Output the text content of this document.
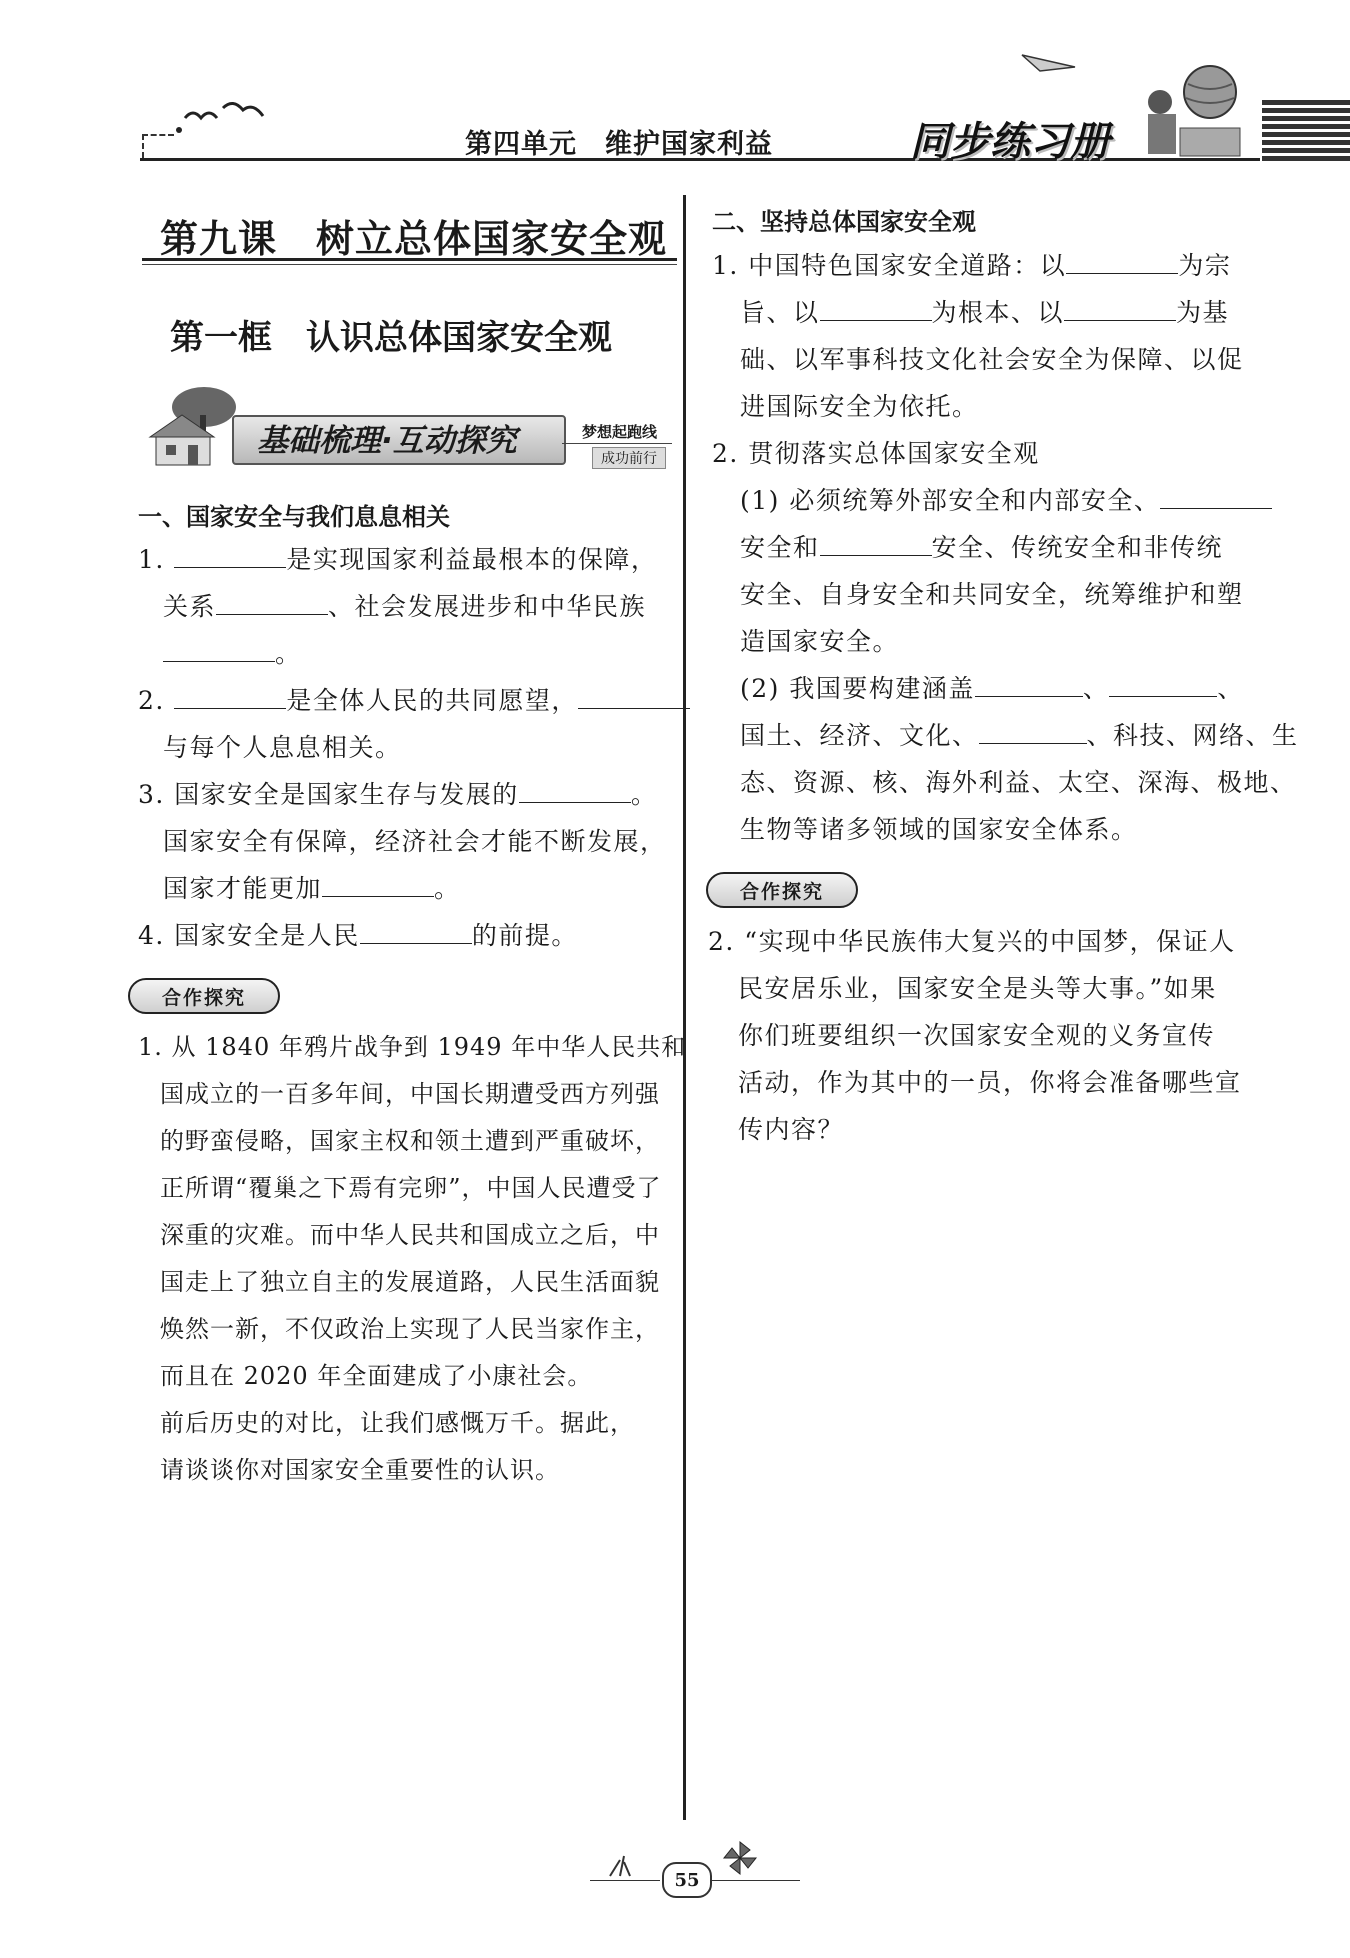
第四单元　维护国家利益	同步练习册
第九课　树立总体国家安全观
第一框　认识总体国家安全观
基础梳理·互动探究	梦想起跑线
成功前行
一、国家安全与我们息息相关
1.	是实现国家利益最根本的保障，
关系	、社会发展进步和中华民族
。
2.	是全体人民的共同愿望，
与每个人息息相关。
3. 国家安全是国家生存与发展的	。
国家安全有保障，经济社会才能不断发展，
国家才能更加	。
4. 国家安全是人民	的前提。
合作探究
1. 从 1840 年鸦片战争到 1949 年中华人民共和
国成立的一百多年间，中国长期遭受西方列强
的野蛮侵略，国家主权和领土遭到严重破坏，
正所谓“覆巢之下焉有完卵”，中国人民遭受了
深重的灾难。而中华人民共和国成立之后，中
国走上了独立自主的发展道路，人民生活面貌
焕然一新，不仅政治上实现了人民当家作主，
而且在 2020 年全面建成了小康社会。
前后历史的对比，让我们感慨万千。据此，
请谈谈你对国家安全重要性的认识。
二、坚持总体国家安全观
1. 中国特色国家安全道路：以	为宗
旨、以	为根本、以	为基
础、以军事科技文化社会安全为保障、以促
进国际安全为依托。
2. 贯彻落实总体国家安全观
(1) 必须统筹外部安全和内部安全、
安全和	安全、传统安全和非传统
安全、自身安全和共同安全，统筹维护和塑
造国家安全。
(2) 我国要构建涵盖	、	、
国土、经济、文化、	、科技、网络、生
态、资源、核、海外利益、太空、深海、极地、
生物等诸多领域的国家安全体系。
合作探究
2. “实现中华民族伟大复兴的中国梦，保证人
民安居乐业，国家安全是头等大事。”如果
你们班要组织一次国家安全观的义务宣传
活动，作为其中的一员，你将会准备哪些宣
传内容？
55
